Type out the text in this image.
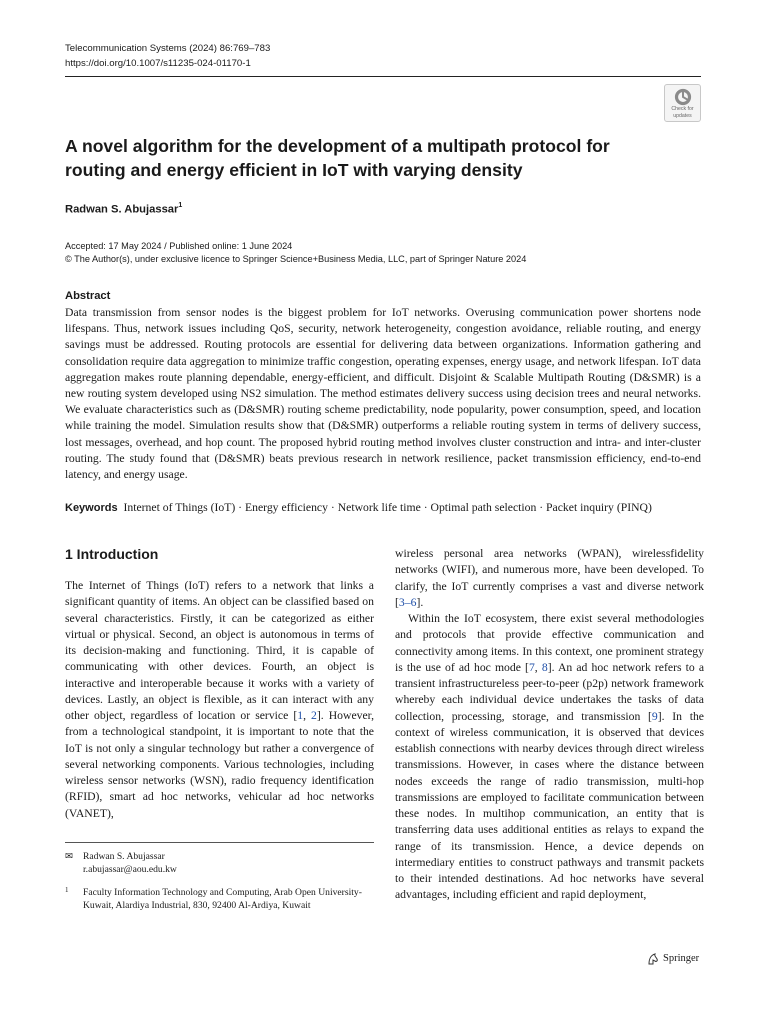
Telecommunication Systems (2024) 86:769–783
https://doi.org/10.1007/s11235-024-01170-1
Check for
updates
A novel algorithm for the development of a multipath protocol for routing and energy efficient in IoT with varying density
Radwan S. Abujassar$^1$
Accepted: 17 May 2024 / Published online: 1 June 2024
© The Author(s), under exclusive licence to Springer Science+Business Media, LLC, part of Springer Nature 2024
Abstract

Data transmission from sensor nodes is the biggest problem for IoT networks. Overusing communication power shortens node lifespans. Thus, network issues including QoS, security, network heterogeneity, congestion avoidance, reliable routing, and energy savings must be addressed. Routing protocols are essential for delivering data between organizations. Information gathering and consolidation require data aggregation to minimize traffic congestion, operating expenses, energy usage, and network lifespan. IoT data aggregation makes route planning dependable, energy-efficient, and difficult. Disjoint & Scalable Multipath Routing (D&SMR) is a new routing system developed using NS2 simulation. The method estimates delivery success using decision trees and neural networks. We evaluate characteristics such as (D&SMR) routing scheme predictability, node popularity, power consumption, speed, and location while training the model. Simulation results show that (D&SMR) outperforms a reliable routing system in terms of delivery success, lost messages, overhead, and hop count. The proposed hybrid routing method involves cluster construction and intra- and inter-cluster routing. The study found that (D&SMR) beats previous research in network resilience, packet transmission efficiency, end-to-end latency, and energy usage.

Keywords Internet of Things (IoT) · Energy efficiency · Network life time · Optimal path selection · Packet inquiry (PINQ)
1 Introduction

The Internet of Things (IoT) refers to a network that links a significant quantity of items. An object can be classified based on several characteristics. Firstly, it can be categorized as either virtual or physical. Second, an object is autonomous in terms of its decision-making and functioning. Third, it is capable of communicating with other devices. Fourth, an object is interactive and interoperable because it works with a variety of devices. Lastly, an object is flexible, as it can interact with any other object, regardless of location or service [1, 2]. However, from a technological standpoint, it is important to note that the IoT is not only a singular technology but rather a convergence of several networking components. Various technologies, including wireless sensor networks (WSN), radio frequency identification (RFID), smart ad hoc networks, vehicular ad hoc networks (VANET),

wireless personal area networks (WPAN), wirelessfidelity networks (WIFI), and numerous more, have been developed. To clarify, the IoT currently comprises a vast and diverse network [3–6].

Within the IoT ecosystem, there exist several methodologies and protocols that provide effective communication and connectivity among items. In this context, one prominent strategy is the use of ad hoc mode [7, 8]. An ad hoc network refers to a transient infrastructureless peer-to-peer (p2p) network framework whereby each individual device undertakes the tasks of data collection, processing, storage, and transmission [9]. In the context of wireless communication, it is observed that devices establish connections with nearby devices through direct wireless transmissions. However, in cases where the distance between nodes exceeds the range of radio transmission, multi-hop transmissions are employed to facilitate communication between these nodes. In multihop communication, an entity that is transferring data uses additional entities as relays to expand the range of its transmission. Hence, a device depends on intermediary entities to construct pathways and transmit packets to their intended destinations. Ad hoc networks have several advantages, including efficient and rapid deployment,

✉ Radwan S. Abujassar
r.abujassar@aou.edu.kw
1 Faculty Information Technology and Computing, Arab Open University-Kuwait, Alardiya Industrial, 830, 92400 Al-Ardiya, Kuwait
Springer
